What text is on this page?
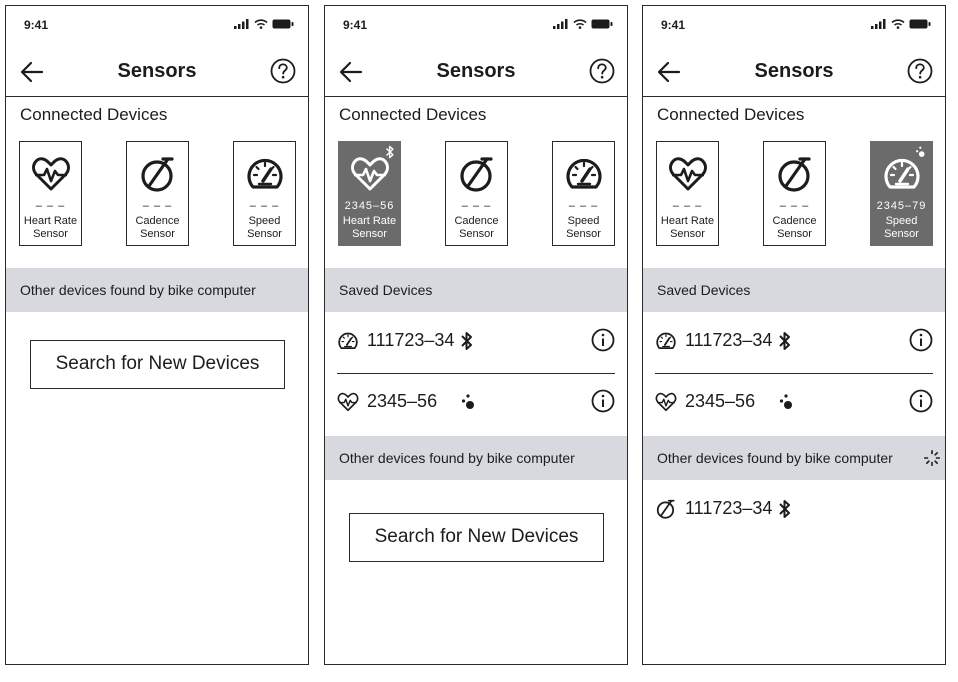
9:41
Sensors
Connected Devices
– – –
Heart Rate
Sensor
– – –
Cadence
Sensor
– – –
Speed
Sensor
Other devices found by bike computer
Search for New Devices
9:41
Sensors
Connected Devices
2345–56
Heart Rate
Sensor
– – –
Cadence
Sensor
– – –
Speed
Sensor
Saved Devices
111723–34
2345–56
Other devices found by bike computer
Search for New Devices
9:41
Sensors
Connected Devices
– – –
Heart Rate
Sensor
– – –
Cadence
Sensor
2345–79
Speed
Sensor
Saved Devices
111723–34
2345–56
Other devices found by bike computer
111723–34
